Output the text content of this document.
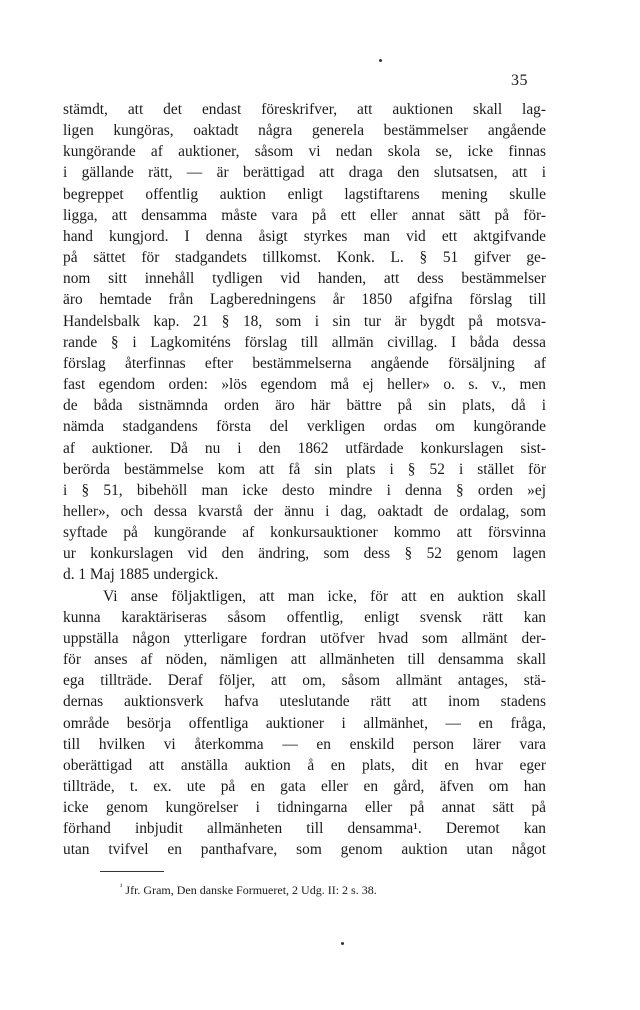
35
stämdt, att det endast föreskrifver, att auktionen skall lag-
ligen kungöras, oaktadt några generela bestämmelser angående
kungörande af auktioner, såsom vi nedan skola se, icke finnas
i gällande rätt, — är berättigad att draga den slutsatsen, att i
begreppet offentlig auktion enligt lagstiftarens mening skulle
ligga, att densamma måste vara på ett eller annat sätt på för-
hand kungjord. I denna åsigt styrkes man vid ett aktgifvande
på sättet för stadgandets tillkomst. Konk. L. § 51 gifver ge-
nom sitt innehåll tydligen vid handen, att dess bestämmelser
äro hemtade från Lagberedningens år 1850 afgifna förslag till
Handelsbalk kap. 21 § 18, som i sin tur är bygdt på motsva-
rande § i Lagkomiténs förslag till allmän civillag. I båda dessa
förslag återfinnas efter bestämmelserna angående försäljning af
fast egendom orden: »lös egendom må ej heller» o. s. v., men
de båda sistnämnda orden äro här bättre på sin plats, då i
nämda stadgandens första del verkligen ordas om kungörande
af auktioner. Då nu i den 1862 utfärdade konkurslagen sist-
berörda bestämmelse kom att få sin plats i § 52 i stället för
i § 51, bibehöll man icke desto mindre i denna § orden »ej
heller», och dessa kvarstå der ännu i dag, oaktadt de ordalag, som
syftade på kungörande af konkursauktioner kommo att försvinna
ur konkurslagen vid den ändring, som dess § 52 genom lagen
d. 1 Maj 1885 undergick.
Vi anse följaktligen, att man icke, för att en auktion skall
kunna karaktäriseras såsom offentlig, enligt svensk rätt kan
uppställa någon ytterligare fordran utöfver hvad som allmänt der-
för anses af nöden, nämligen att allmänheten till densamma skall
ega tillträde. Deraf följer, att om, såsom allmänt antages, stä-
dernas auktionsverk hafva uteslutande rätt att inom stadens
område besörja offentliga auktioner i allmänhet, — en fråga,
till hvilken vi återkomma — en enskild person lärer vara
oberättigad att anställa auktion å en plats, dit en hvar eger
tillträde, t. ex. ute på en gata eller en gård, äfven om han
icke genom kungörelser i tidningarna eller på annat sätt på
förhand inbjudit allmänheten till densamma¹. Deremot kan
utan tvifvel en panthafvare, som genom auktion utan något
$^{^1}$ Jfr. Gram, Den danske Formueret, 2 Udg. II: 2 s. 38.
